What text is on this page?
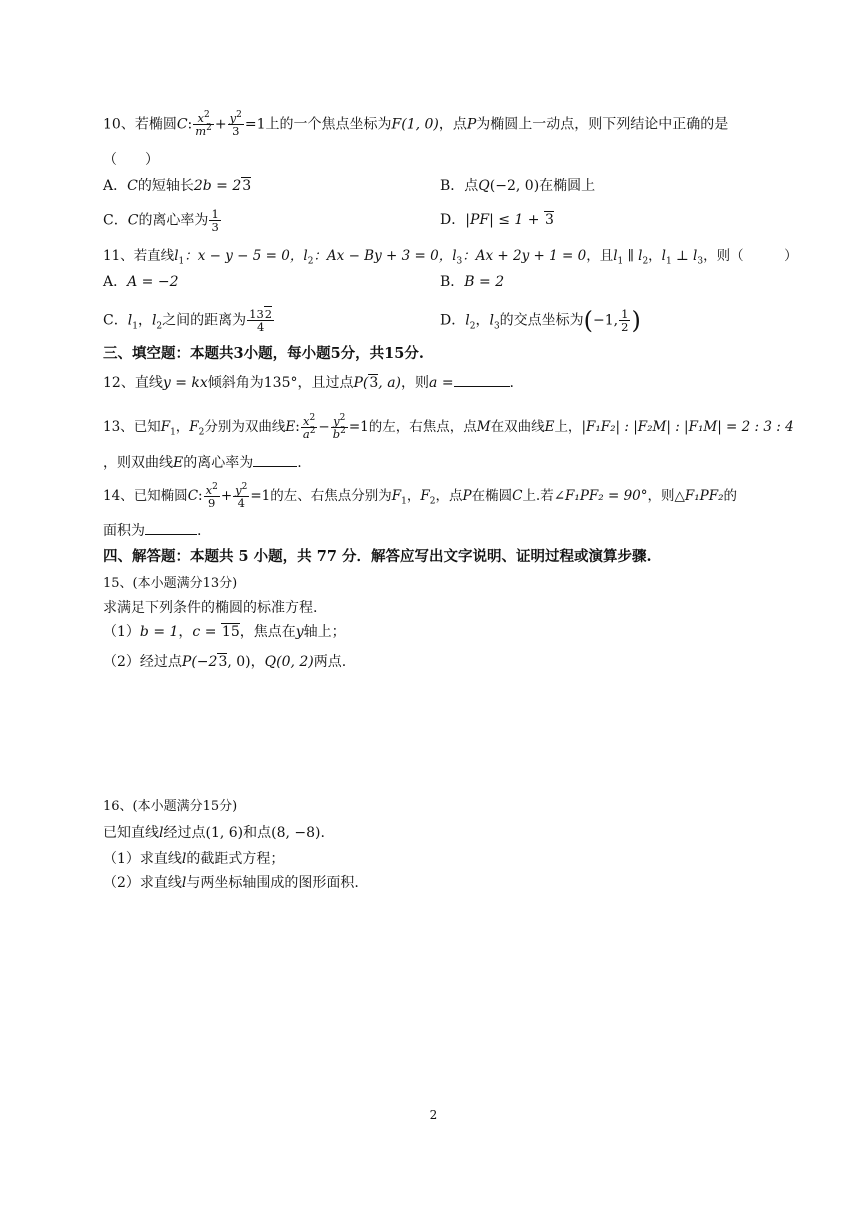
10、若椭圆C: $\frac{x^2}{m^2} + \frac{y^2}{3} =1$上的一个焦点坐标为F(1, 0)，点P为椭圆上一动点，则下列结论中正确的是
（　　）
A．C的短轴长2b = 23	B．点Q(−2, 0)在椭圆上
C．C的离心率为 $\frac{1}{3}$	D．|PF| ≤ 1 + 3
11、若直线$l_1$：x − y − 5 = 0，$l_2$：Ax − By + 3 = 0，$l_3$：Ax + 2y + 1 = 0，且$l_1$ ∥ $l_2$，$l_1$ ⊥ $l_3$，则（　　　）
A．A = −2	B．B = 2
C．$l_1$，$l_2$之间的距离为 $\frac{132}{4}$	D．$l_2$，$l_3$的交点坐标为(−1, $\frac{1}{2}$ )
三、填空题：本题共3小题，每小题5分，共15分.
12、直线y = kx倾斜角为135°，且过点P(3, a)，则a =	.
13、已知$F_1$，$F_2$分别为双曲线E: $\frac{x^2}{a^2} - \frac{y^2}{b^2} =1$的左，右焦点，点M在双曲线E上，|F₁F₂| : |F₂M| : |F₁M| = 2 : 3 : 4
，则双曲线E的离心率为	.
14、已知椭圆C: $\frac{x^2}{9} + \frac{y^2}{4} =1$的左、右焦点分别为$F_1$，$F_2$，点P在椭圆C上.若∠F₁PF₂ = 90°，则△F₁PF₂的
面积为	.
四、解答题：本题共 5 小题，共 77 分．解答应写出文字说明、证明过程或演算步骤.
15、(本小题满分13分)
求满足下列条件的椭圆的标准方程.
（1）b = 1，c = 15，焦点在y轴上；
（2）经过点P(−23, 0)，Q(0, 2)两点.
16、(本小题满分15分)
已知直线l经过点(1, 6)和点(8, −8).
（1）求直线l的截距式方程；
（2）求直线l与两坐标轴围成的图形面积.
2
